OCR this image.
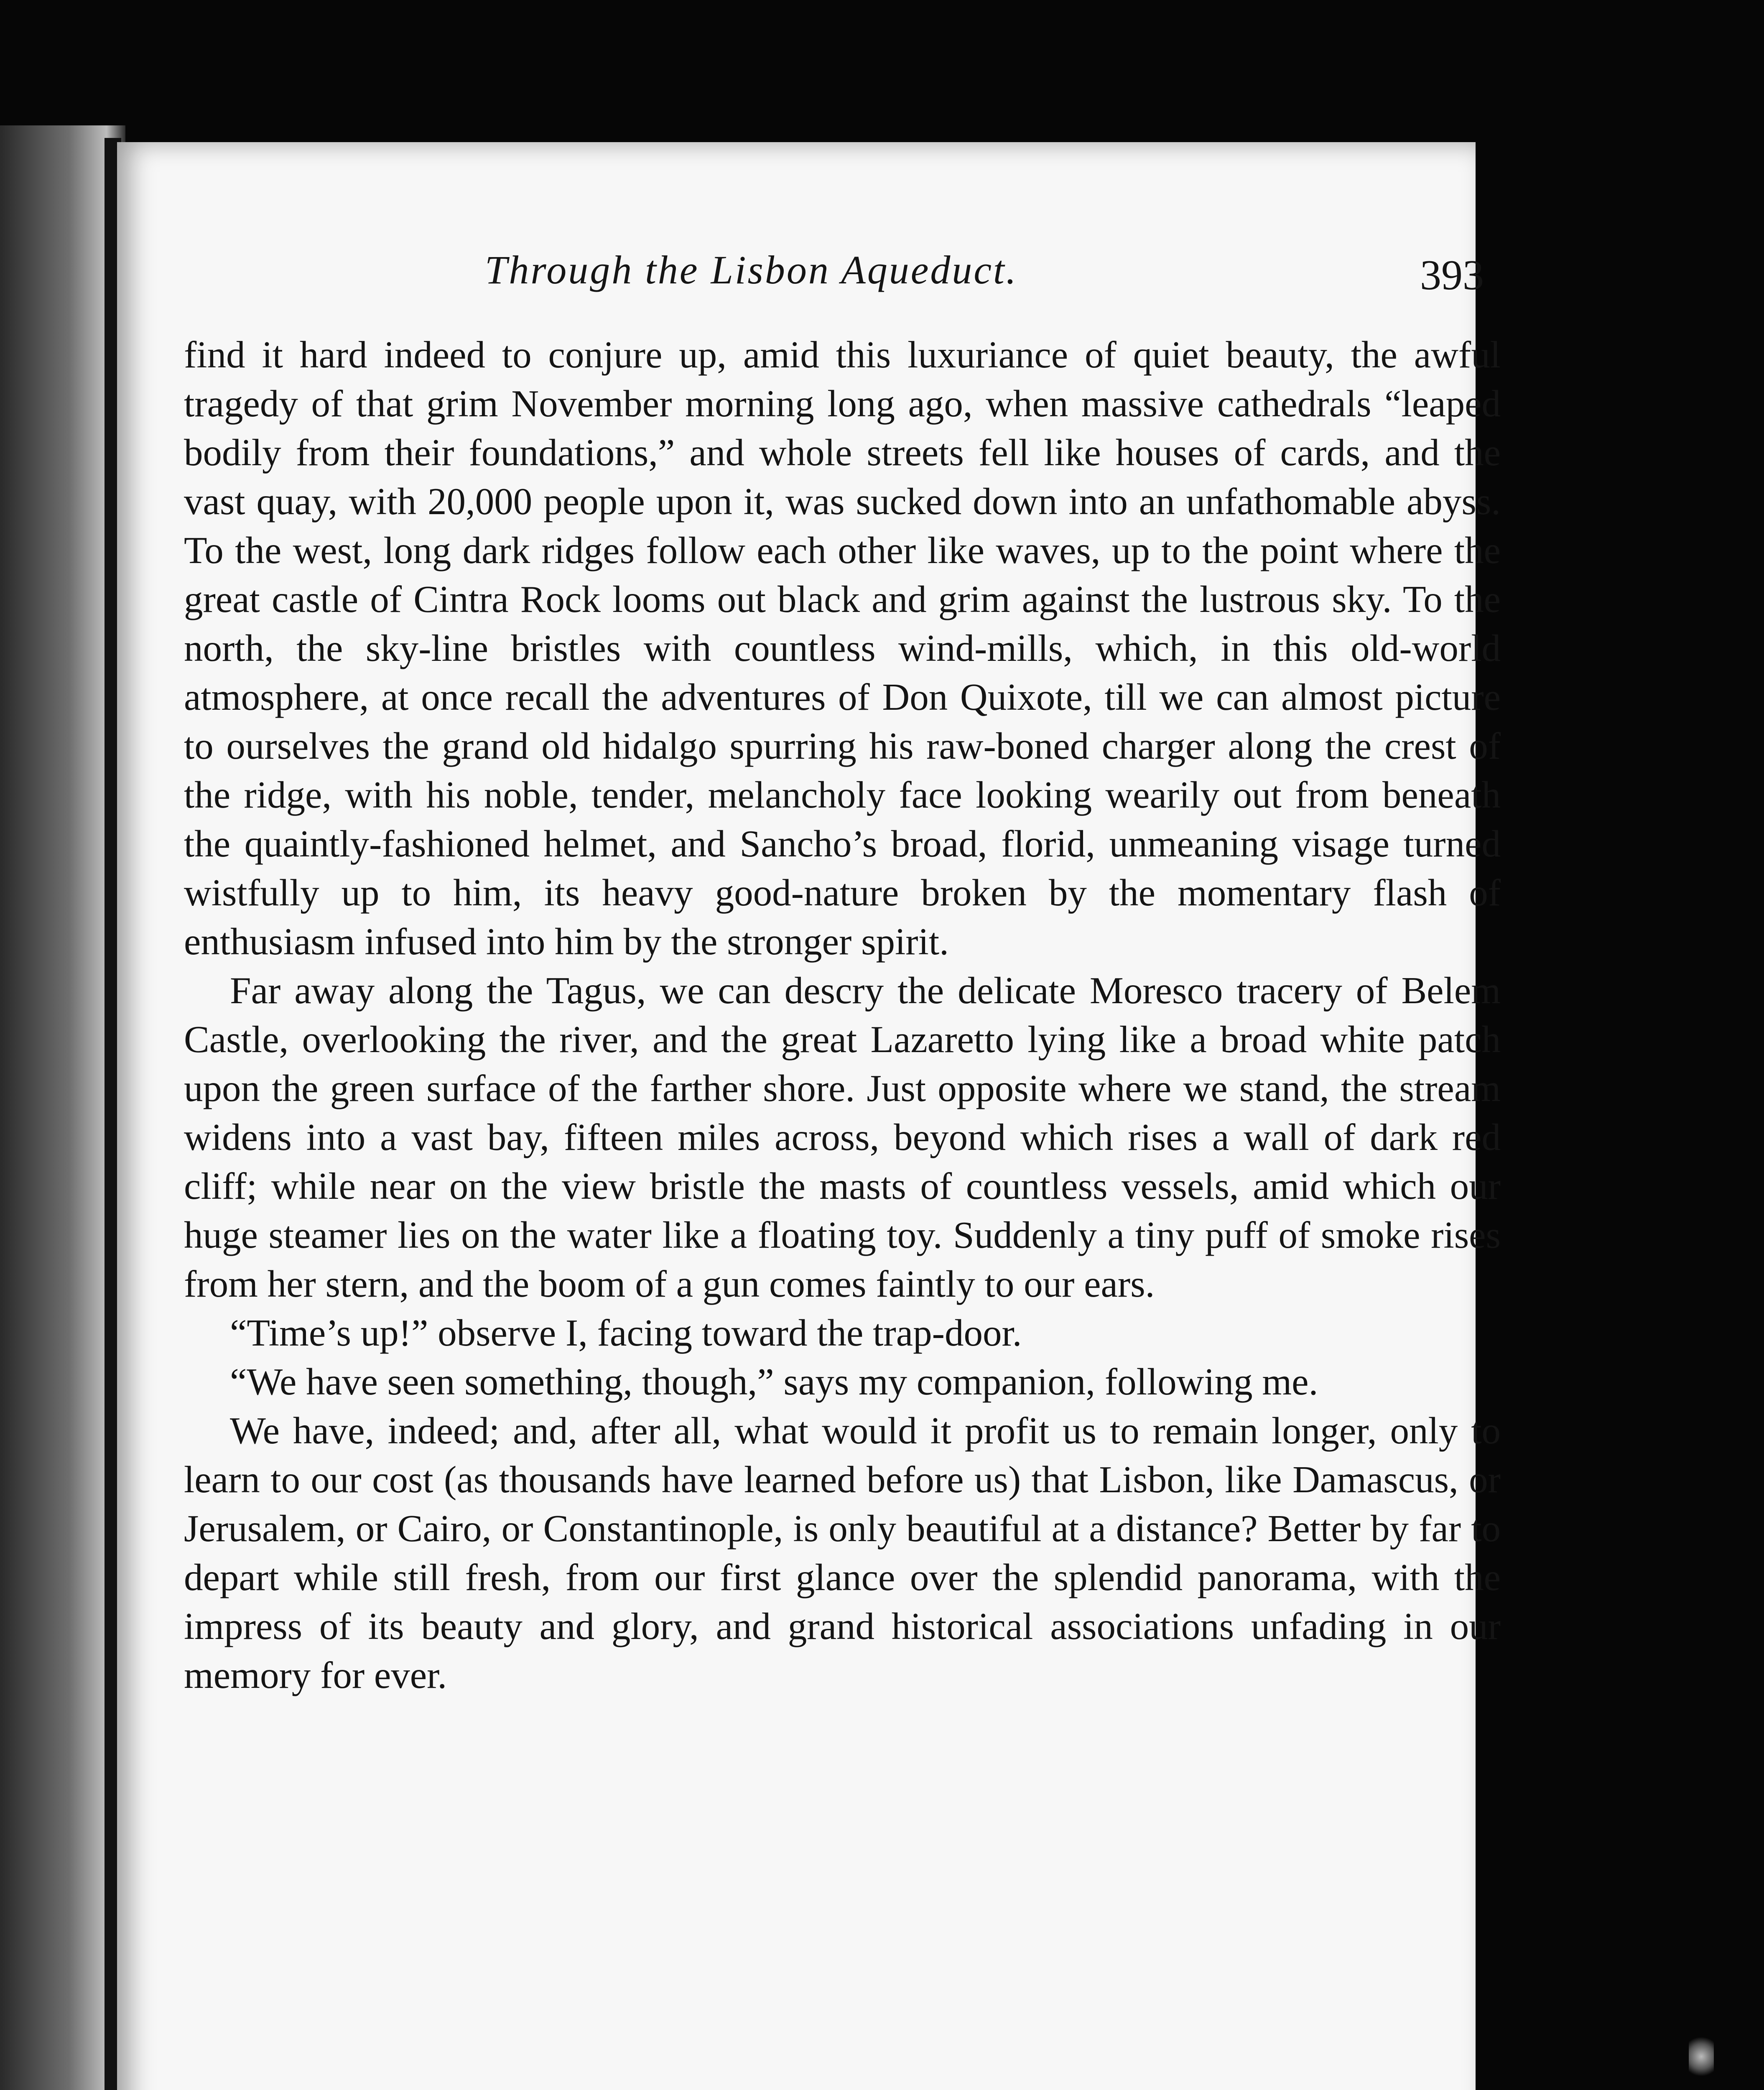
Through the Lisbon Aqueduct.	393

find it hard indeed to conjure up, amid this luxuriance of quiet beauty, the awful tragedy of that grim November morning long ago, when massive cathedrals “leaped bodily from their foundations,” and whole streets fell like houses of cards, and the vast quay, with 20,000 people upon it, was sucked down into an unfathomable abyss. To the west, long dark ridges follow each other like waves, up to the point where the great castle of Cintra Rock looms out black and grim against the lustrous sky. To the north, the sky-line bristles with countless wind-mills, which, in this old-world atmosphere, at once recall the adventures of Don Quixote, till we can almost picture to ourselves the grand old hidalgo spurring his raw-boned charger along the crest of the ridge, with his noble, tender, melancholy face looking wearily out from beneath the quaintly-fashioned helmet, and Sancho’s broad, florid, unmeaning visage turned wistfully up to him, its heavy good-nature broken by the momentary flash of enthusiasm infused into him by the stronger spirit.

Far away along the Tagus, we can descry the delicate Moresco tracery of Belem Castle, overlooking the river, and the great Lazaretto lying like a broad white patch upon the green surface of the farther shore. Just opposite where we stand, the stream widens into a vast bay, fifteen miles across, beyond which rises a wall of dark red cliff; while near on the view bristle the masts of countless vessels, amid which our huge steamer lies on the water like a floating toy. Suddenly a tiny puff of smoke rises from her stern, and the boom of a gun comes faintly to our ears.

“Time’s up!” observe I, facing toward the trap-door.

“We have seen something, though,” says my companion, following me.

We have, indeed; and, after all, what would it profit us to remain longer, only to learn to our cost (as thousands have learned before us) that Lisbon, like Damascus, or Jerusalem, or Cairo, or Constantinople, is only beautiful at a distance? Better by far to depart while still fresh, from our first glance over the splendid panorama, with the impress of its beauty and glory, and grand historical associations unfading in our memory for ever.
